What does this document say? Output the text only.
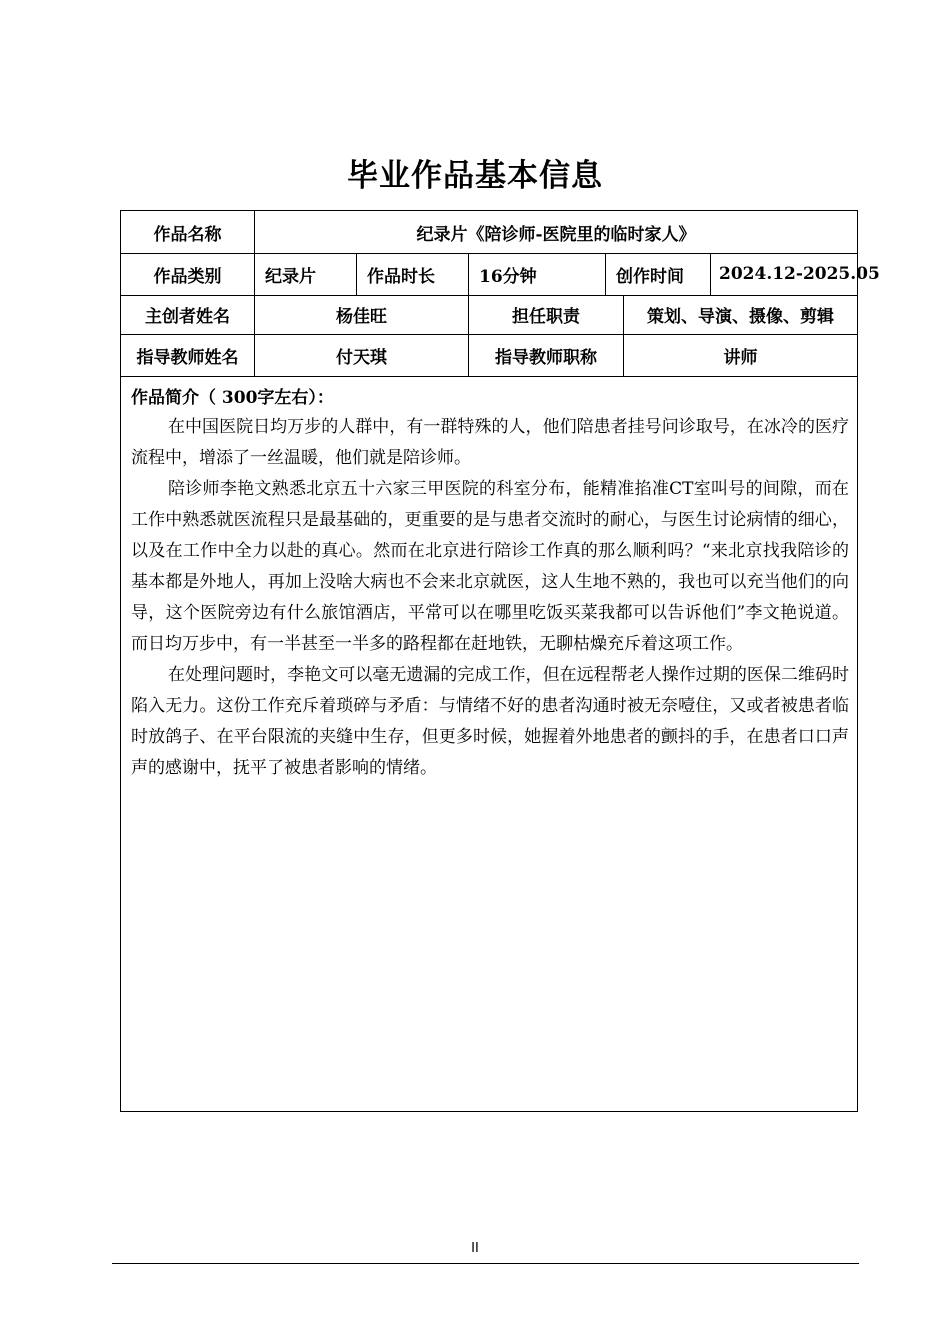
毕业作品基本信息
作品名称	纪录片《陪诊师-医院里的临时家人》
作品类别	纪录片	作品时长	16分钟	创作时间	2024.12-2025.05
主创者姓名	杨佳旺	担任职责	策划、导演、摄像、剪辑
指导教师姓名	付天琪	指导教师职称	讲师
作品简介（ 300字左右）：

在中国医院日均万步的人群中，有一群特殊的人，他们陪患者挂号问诊取号，在冰冷的医疗流程中，增添了一丝温暖，他们就是陪诊师。

陪诊师李艳文熟悉北京五十六家三甲医院的科室分布，能精准掐准CT室叫号的间隙，而在工作中熟悉就医流程只是最基础的，更重要的是与患者交流时的耐心，与医生讨论病情的细心，以及在工作中全力以赴的真心。然而在北京进行陪诊工作真的那么顺利吗？“来北京找我陪诊的基本都是外地人，再加上没啥大病也不会来北京就医，这人生地不熟的，我也可以充当他们的向导，这个医院旁边有什么旅馆酒店，平常可以在哪里吃饭买菜我都可以告诉他们”李文艳说道。而日均万步中，有一半甚至一半多的路程都在赶地铁，无聊枯燥充斥着这项工作。

在处理问题时，李艳文可以毫无遗漏的完成工作，但在远程帮老人操作过期的医保二维码时陷入无力。这份工作充斥着琐碎与矛盾：与情绪不好的患者沟通时被无奈噎住，又或者被患者临时放鸽子、在平台限流的夹缝中生存，但更多时候，她握着外地患者的颤抖的手，在患者口口声声的感谢中，抚平了被患者影响的情绪。

II
